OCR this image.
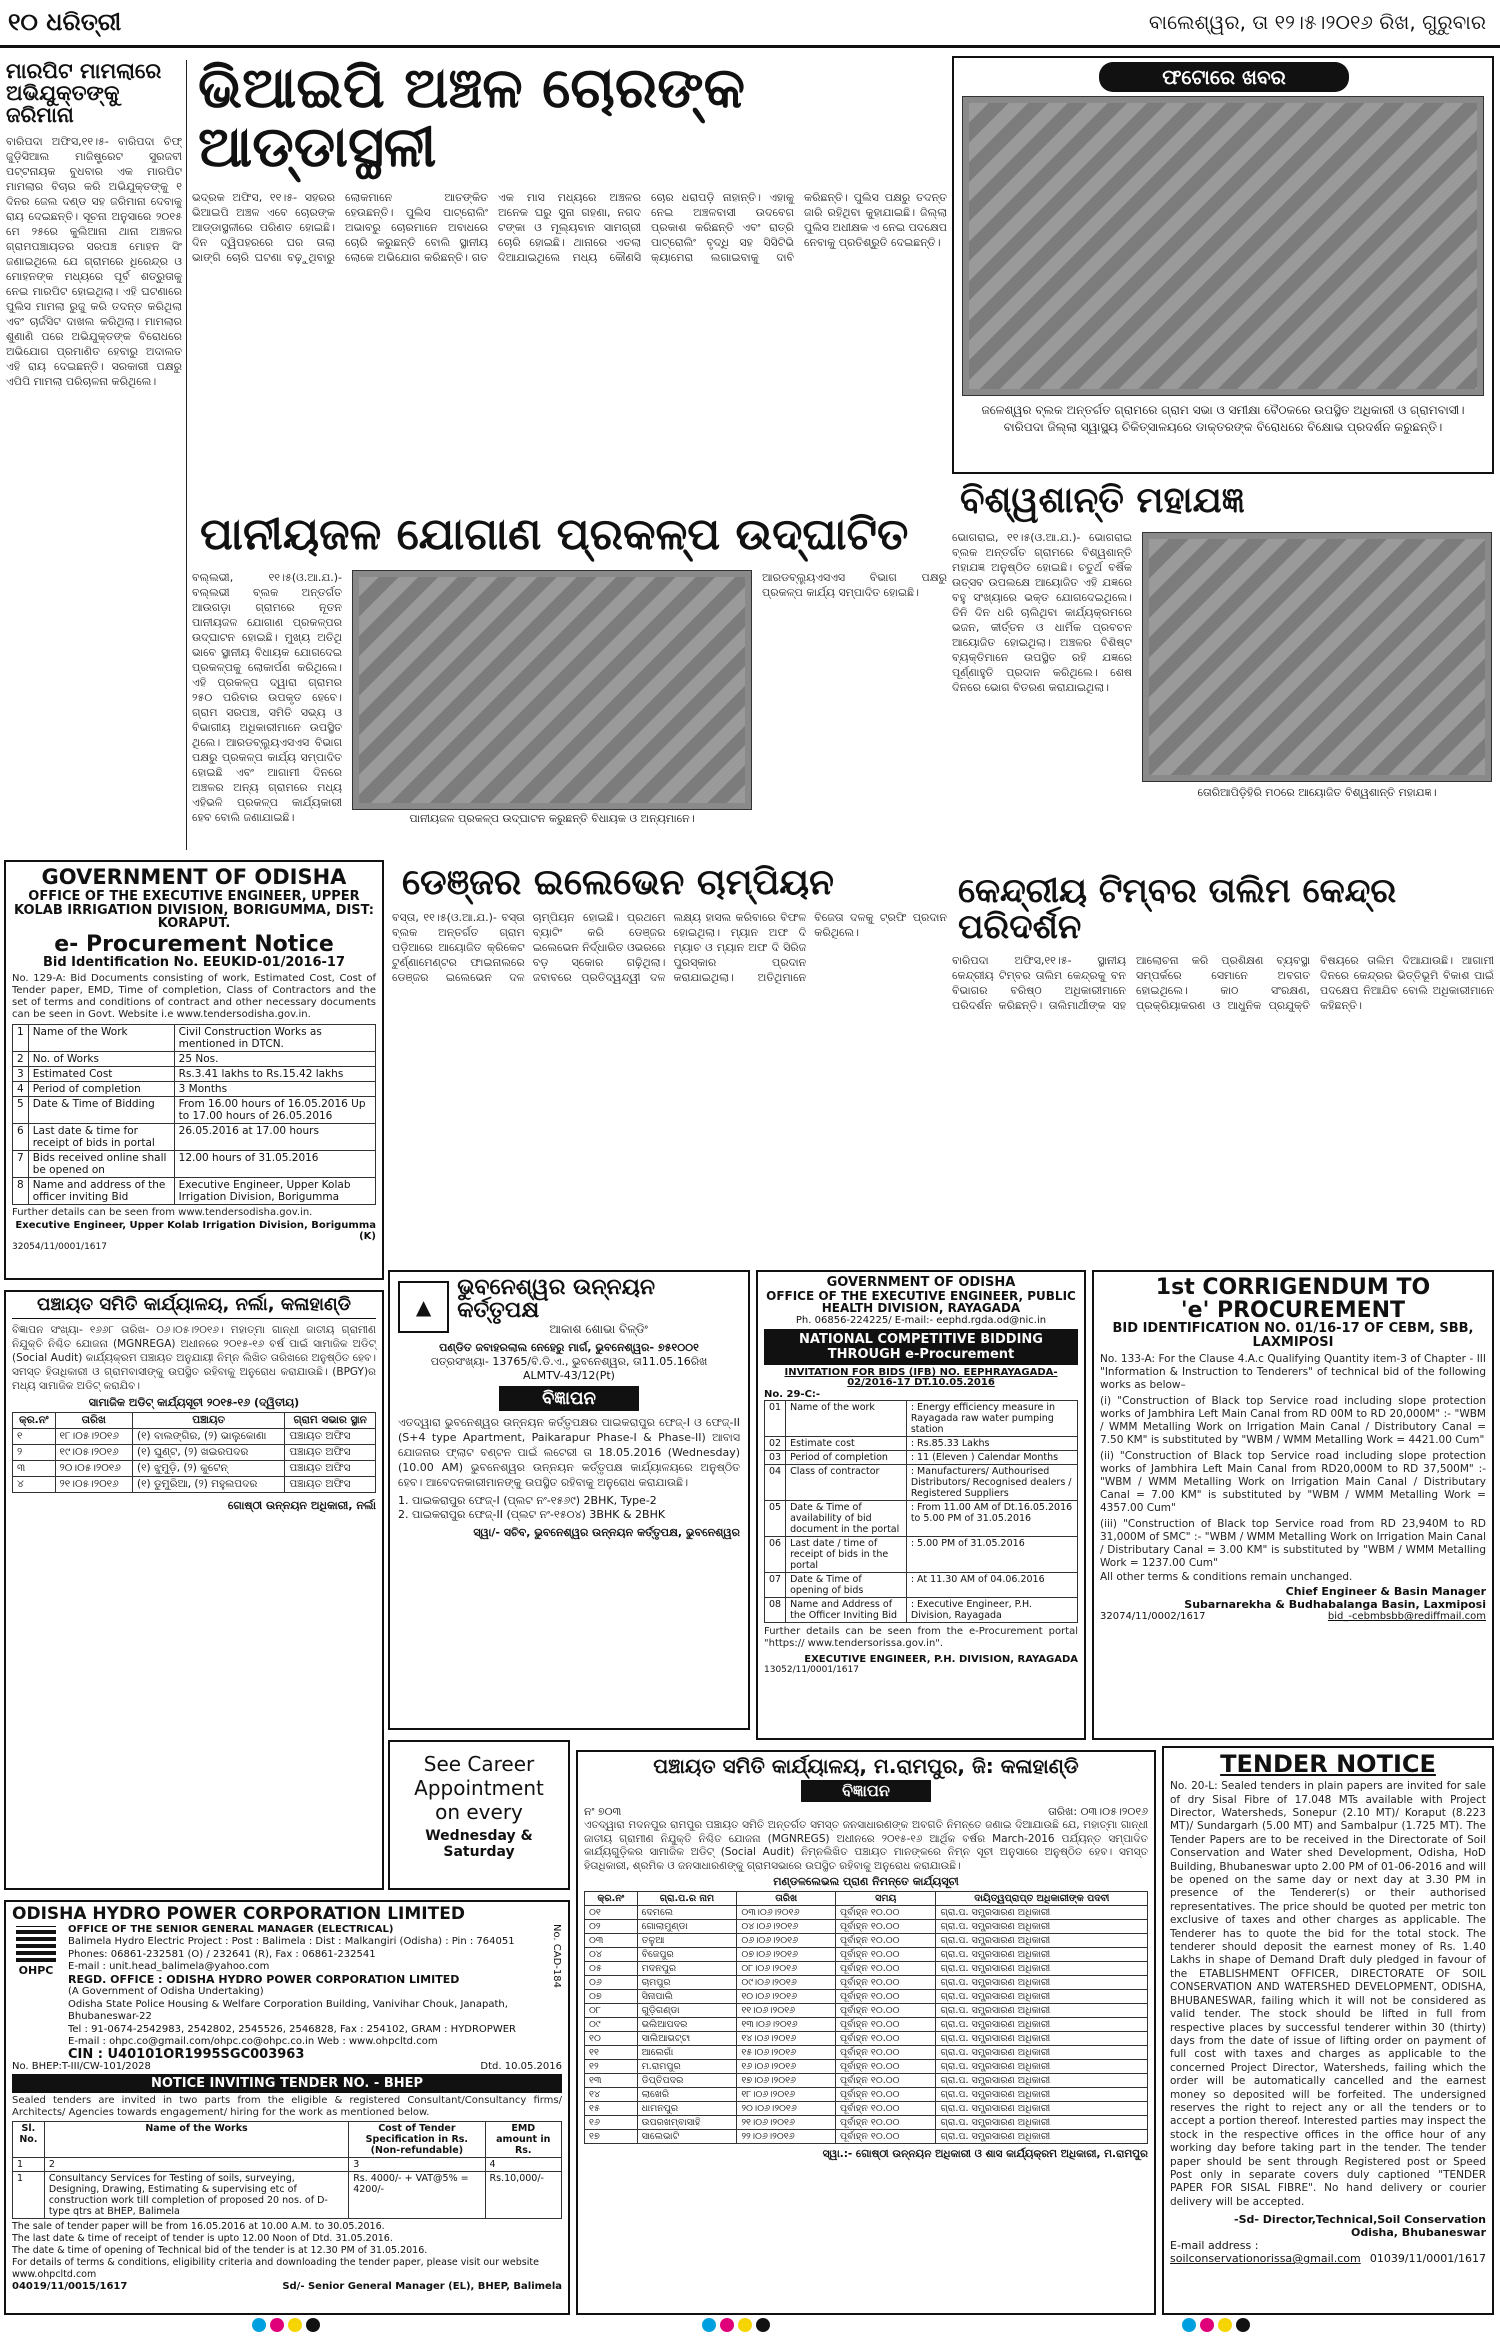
୧୦ ଧରିତ୍ରୀ	ବାଲେଶ୍ୱର, ତା ୧୨।୫।୨୦୧୬ ରିଖ, ଗୁରୁବାର
ମାରପିଟ ମାମଲାରେ ଅଭିଯୁକ୍ତଙ୍କୁ ଜରିମାନା
ବାରିପଦା ଅଫିସ,୧୧।୫- ବାରିପଦା ଚିଫ୍ ଜୁଡ଼ିସିଆଲ ମାଜିଷ୍ଟ୍ରେଟ ସୁରଜବୀ ପଟ୍ଟନାୟକ ବୁଧବାର ଏକ ମାରପିଟ ମାମଲାର ବିଚାର କରି ଅଭିଯୁକ୍ତଙ୍କୁ ୧ ଦିନର ଜେଲ ଦଣ୍ଡ ସହ ଜରିମାନା ଦେବାକୁ ରାୟ ଦେଇଛନ୍ତି। ସୂଚନା ଅନୁସାରେ ୨୦୧୫ ମେ ୨୫ରେ କୁଲିଆନା ଥାନା ଅଞ୍ଚଳର ଗ୍ରାମପଞ୍ଚାୟତର ସରପଞ୍ଚ ମୋହନ ସିଂ ଜଣାଇଥିଲେ ଯେ ଗ୍ରାମରେ ଧିରେନ୍ଦ୍ର ଓ ମୋହନଙ୍କ ମଧ୍ୟରେ ପୂର୍ବ ଶତ୍ରୁତାକୁ ନେଇ ମାରପିଟ ହୋଇଥିଲା। ଏହି ଘଟଣାରେ ପୁଲିସ ମାମଲା ରୁଜୁ କରି ତଦନ୍ତ କରିଥିଲା ଏବଂ ଚାର୍ଜସିଟ ଦାଖଲ କରିଥିଲା। ମାମଲାର ଶୁଣାଣି ପରେ ଅଭିଯୁକ୍ତଙ୍କ ବିରୋଧରେ ଅଭିଯୋଗ ପ୍ରମାଣିତ ହେବାରୁ ଅଦାଲତ ଏହି ରାୟ ଦେଇଛନ୍ତି। ସରକାରୀ ପକ୍ଷରୁ ଏପିପି ମାମଲା ପରିଚାଳନା କରିଥିଲେ।
ଭିଆଇପି ଅଞ୍ଚଳ ଚୋରଙ୍କ ଆଡ୍ଡାସ୍ଥଳୀ
ଭଦ୍ରକ ଅଫିସ, ୧୧।୫- ସହରର ଭିଆଇପି ଅଞ୍ଚଳ ଏବେ ଚୋରଙ୍କ ଆଡ୍ଡାସ୍ଥଳୀରେ ପରିଣତ ହୋଇଛି। ଦିନ ଦ୍ୱିପହରରେ ଘର ତାଲା ଭାଙ୍ଗି ଚୋରି ଘଟଣା ବଢ଼ୁଥିବାରୁ ଲୋକମାନେ ଆତଙ୍କିତ ହେଉଛନ୍ତି। ପୁଲିସ ପାଟ୍ରୋଲିଂ ଅଭାବରୁ ଚୋରମାନେ ଅବାଧରେ ଚୋରି କରୁଛନ୍ତି ବୋଲି ସ୍ଥାନୀୟ ଲୋକେ ଅଭିଯୋଗ କରିଛନ୍ତି। ଗତ ଏକ ମାସ ମଧ୍ୟରେ ଅଞ୍ଚଳର ଅନେକ ଘରୁ ସୁନା ଗହଣା, ନଗଦ ଟଙ୍କା ଓ ମୂଲ୍ୟବାନ ସାମଗ୍ରୀ ଚୋରି ହୋଇଛି। ଥାନାରେ ଏତଲା ଦିଆଯାଇଥିଲେ ମଧ୍ୟ କୌଣସି ଚୋର ଧରାପଡ଼ି ନାହାନ୍ତି। ଏହାକୁ ନେଇ ଅଞ୍ଚଳବାସୀ ଉଦବେଗ ପ୍ରକାଶ କରିଛନ୍ତି ଏବଂ ରାତ୍ରି ପାଟ୍ରୋଲିଂ ବୃଦ୍ଧି ସହ ସିସିଟିଭି କ୍ୟାମେରା ଲଗାଇବାକୁ ଦାବି କରିଛନ୍ତି। ପୁଲିସ ପକ୍ଷରୁ ତଦନ୍ତ ଜାରି ରହିଥିବା କୁହାଯାଇଛି। ଜିଲ୍ଲା ପୁଲିସ ଅଧୀକ୍ଷକ ଏ ନେଇ ପଦକ୍ଷେପ ନେବାକୁ ପ୍ରତିଶ୍ରୁତି ଦେଇଛନ୍ତି।
ଫଟୋରେ ଖବର
ଜଳେଶ୍ୱର ବ୍ଲକ ଅନ୍ତର୍ଗତ ଗ୍ରାମରେ ଗ୍ରାମ ସଭା ଓ ସମୀକ୍ଷା ବୈଠକରେ ଉପସ୍ଥିତ ଅଧିକାରୀ ଓ ଗ୍ରାମବାସୀ। ବାରିପଦା ଜିଲ୍ଲା ସ୍ୱାସ୍ଥ୍ୟ ଚିକିତ୍ସାଳୟରେ ଡାକ୍ତରଙ୍କ ବିରୋଧରେ ବିକ୍ଷୋଭ ପ୍ରଦର୍ଶନ କରୁଛନ୍ତି।
ପାନୀୟଜଳ ଯୋଗାଣ ପ୍ରକଳ୍ପ ଉଦ୍‌ଘାଟିତ
ବଲ୍ଲଭୀ, ୧୧।୫(ଓ.ଆ.ଯ.)- ବଲ୍ଲଭୀ ବ୍ଲକ ଅନ୍ତର୍ଗତ ଆଉଗଡ଼ା ଗ୍ରାମରେ ନୂତନ ପାନୀୟଜଳ ଯୋଗାଣ ପ୍ରକଳ୍ପର ଉଦ୍‌ଘାଟନ ହୋଇଛି। ମୁଖ୍ୟ ଅତିଥି ଭାବେ ସ୍ଥାନୀୟ ବିଧାୟକ ଯୋଗଦେଇ ପ୍ରକଳ୍ପକୁ ଲୋକାର୍ପଣ କରିଥିଲେ। ଏହି ପ୍ରକଳ୍ପ ଦ୍ୱାରା ଗ୍ରାମର ୨୫୦ ପରିବାର ଉପକୃତ ହେବେ। ଗ୍ରାମ ସରପଞ୍ଚ, ସମିତି ସଭ୍ୟ ଓ ବିଭାଗୀୟ ଅଧିକାରୀମାନେ ଉପସ୍ଥିତ ଥିଲେ। ଆରଡବ୍ଲ୍ୟୁଏସଏସ ବିଭାଗ ପକ୍ଷରୁ ପ୍ରକଳ୍ପ କାର୍ଯ୍ୟ ସମ୍ପାଦିତ ହୋଇଛି ଏବଂ ଆଗାମୀ ଦିନରେ ଅଞ୍ଚଳର ଅନ୍ୟ ଗ୍ରାମରେ ମଧ୍ୟ ଏହିଭଳି ପ୍ରକଳ୍ପ କାର୍ଯ୍ୟକାରୀ ହେବ ବୋଲି ଜଣାଯାଇଛି।	ପାନୀୟଜଳ ପ୍ରକଳ୍ପ ଉଦ୍‌ଘାଟନ କରୁଛନ୍ତି ବିଧାୟକ ଓ ଅନ୍ୟମାନେ।
ଆରଡବ୍ଲ୍ୟୁଏସଏସ ବିଭାଗ ପକ୍ଷରୁ ପ୍ରକଳ୍ପ କାର୍ଯ୍ୟ ସମ୍ପାଦିତ ହୋଇଛି।
ବିଶ୍ୱଶାନ୍ତି ମହାଯଜ୍ଞ
ଭୋଗରାଇ, ୧୧।୫(ଓ.ଆ.ଯ.)- ଭୋଗରାଇ ବ୍ଲକ ଅନ୍ତର୍ଗତ ଗ୍ରାମରେ ବିଶ୍ୱଶାନ୍ତି ମହାଯଜ୍ଞ ଅନୁଷ୍ଠିତ ହୋଇଛି। ଚତୁର୍ଥ ବର୍ଷିକ ଉତ୍ସବ ଉପଲକ୍ଷେ ଆୟୋଜିତ ଏହି ଯଜ୍ଞରେ ବହୁ ସଂଖ୍ୟାରେ ଭକ୍ତ ଯୋଗଦେଇଥିଲେ। ତିନି ଦିନ ଧରି ଚାଲିଥିବା କାର୍ଯ୍ୟକ୍ରମରେ ଭଜନ, କୀର୍ତ୍ତନ ଓ ଧାର୍ମିକ ପ୍ରବଚନ ଆୟୋଜିତ ହୋଇଥିଲା। ଅଞ୍ଚଳର ବିଶିଷ୍ଟ ବ୍ୟକ୍ତିମାନେ ଉପସ୍ଥିତ ରହି ଯଜ୍ଞରେ ପୂର୍ଣ୍ଣାହୁତି ପ୍ରଦାନ କରିଥିଲେ। ଶେଷ ଦିନରେ ଭୋଗ ବିତରଣ କରାଯାଇଥିଲା।
ତୋରିଆପିଡ଼ିହିରି ମଠରେ ଆୟୋଜିତ ବିଶ୍ୱଶାନ୍ତି ମହାଯଜ୍ଞ।
GOVERNMENT OF ODISHA
OFFICE OF THE EXECUTIVE ENGINEER, UPPER KOLAB IRRIGATION DIVISION, BORIGUMMA, DIST: KORAPUT.
e- Procurement Notice
Bid Identification No. EEUKID-01/2016-17
No. 129-A: Bid Documents consisting of work, Estimated Cost, Cost of Tender paper, EMD, Time of completion, Class of Contractors and the set of terms and conditions of contract and other necessary documents can be seen in Govt. Website i.e www.tendersodisha.gov.in.
1	Name of the Work	Civil Construction Works as mentioned in DTCN.
2	No. of Works	25 Nos.
3	Estimated Cost	Rs.3.41 lakhs to Rs.15.42 lakhs
4	Period of completion	3 Months
5	Date & Time of Bidding	From 16.00 hours of 16.05.2016 Up to 17.00 hours of 26.05.2016
6	Last date & time for receipt of bids in portal	26.05.2016 at 17.00 hours
7	Bids received online shall be opened on	12.00 hours of 31.05.2016
8	Name and address of the officer inviting Bid	Executive Engineer, Upper Kolab Irrigation Division, Borigumma
Further details can be seen from www.tendersodisha.gov.in.
Executive Engineer, Upper Kolab Irrigation Division, Borigumma (K)
32054/11/0001/1617
ଡେଞ୍ଜର ଇଲେଭେନ ଚାମ୍ପିୟନ
ବସ୍ତା, ୧୧।୫(ଓ.ଆ.ଯ.)- ବସ୍ତା ବ୍ଲକ ଅନ୍ତର୍ଗତ ଗ୍ରାମ ପଡ଼ିଆରେ ଆୟୋଜିତ କ୍ରିକେଟ ଟୁର୍ଣ୍ଣାମେଣ୍ଟର ଫାଇନାଲରେ ଡେଞ୍ଜର ଇଲେଭେନ ଦଳ ଚାମ୍ପିୟନ ହୋଇଛି। ପ୍ରଥମେ ବ୍ୟାଟିଂ କରି ଡେଞ୍ଜର ଇଲେଭେନ ନିର୍ଦ୍ଧାରିତ ଓଭରରେ ବଡ଼ ସ୍କୋର ଗଢ଼ିଥିଲା। ଜବାବରେ ପ୍ରତିଦ୍ୱନ୍ଦ୍ୱୀ ଦଳ ଲକ୍ଷ୍ୟ ହାସଲ କରିବାରେ ବିଫଳ ହୋଇଥିଲା। ମ୍ୟାନ ଅଫ ଦି ମ୍ୟାଚ ଓ ମ୍ୟାନ ଅଫ ଦି ସିରିଜ ପୁରସ୍କାର ପ୍ରଦାନ କରାଯାଇଥିଲା। ଅତିଥିମାନେ ବିଜେତା ଦଳକୁ ଟ୍ରଫି ପ୍ରଦାନ କରିଥିଲେ।
କେନ୍ଦ୍ରୀୟ ଟିମ୍ବର ତାଲିମ କେନ୍ଦ୍ର ପରିଦର୍ଶନ
ବାରିପଦା ଅଫିସ,୧୧।୫- ସ୍ଥାନୀୟ କେନ୍ଦ୍ରୀୟ ଟିମ୍ବର ତାଲିମ କେନ୍ଦ୍ରକୁ ବନ ବିଭାଗର ବରିଷ୍ଠ ଅଧିକାରୀମାନେ ପରିଦର୍ଶନ କରିଛନ୍ତି। ତାଲିମାର୍ଥୀଙ୍କ ସହ ଆଲୋଚନା କରି ପ୍ରଶିକ୍ଷଣ ବ୍ୟବସ୍ଥା ସମ୍ପର୍କରେ ସେମାନେ ଅବଗତ ହୋଇଥିଲେ। କାଠ ସଂରକ୍ଷଣ, ପ୍ରକ୍ରିୟାକରଣ ଓ ଆଧୁନିକ ପ୍ରଯୁକ୍ତି ବିଷୟରେ ତାଲିମ ଦିଆଯାଉଛି। ଆଗାମୀ ଦିନରେ କେନ୍ଦ୍ରର ଭିତ୍ତିଭୂମି ବିକାଶ ପାଇଁ ପଦକ୍ଷେପ ନିଆଯିବ ବୋଲି ଅଧିକାରୀମାନେ କହିଛନ୍ତି।
ପଞ୍ଚାୟତ ସମିତି କାର୍ଯ୍ୟାଳୟ, ନର୍ଲା, କଳାହାଣ୍ଡି
ବିଜ୍ଞାପନ ସଂଖ୍ୟା- ୧୬୬୮ ତାରିଖ- ୦୬।୦୫।୨୦୧୬। ମହାତ୍ମା ଗାନ୍ଧୀ ଜାତୀୟ ଗ୍ରାମୀଣ ନିଯୁକ୍ତି ନିଶ୍ଚିତ ଯୋଜନା (MGNREGA) ଅଧୀନରେ ୨୦୧୫-୧୬ ବର୍ଷ ପାଇଁ ସାମାଜିକ ଅଡିଟ୍ (Social Audit) କାର୍ଯ୍ୟକ୍ରମ ପଞ୍ଚାୟତ ଅନୁଯାୟୀ ନିମ୍ନ ଲିଖିତ ତାରିଖରେ ଅନୁଷ୍ଠିତ ହେବ। ସମସ୍ତ ହିତାଧିକାରୀ ଓ ଗ୍ରାମବାସୀଙ୍କୁ ଉପସ୍ଥିତ ରହିବାକୁ ଅନୁରୋଧ କରାଯାଉଛି। (BPGY)ର ମଧ୍ୟ ସାମାଜିକ ଅଡିଟ୍ କରାଯିବ।
ସାମାଜିକ ଅଡିଟ୍ କାର୍ଯ୍ୟସୂଚୀ ୨୦୧୫-୧୬ (ଦ୍ୱିତୀୟ)
କ୍ର.ନଂ	ତାରିଖ	ପଞ୍ଚାୟତ	ଗ୍ରାମ ସଭାର ସ୍ଥାନ
୧	୧୮।୦୫।୨୦୧୬	(୧) ବାଲଙ୍ଗିର, (୨) ଭାଲୁକୋଣା	ପଞ୍ଚାୟତ ଅଫିସ
୨	୧୯।୦୫।୨୦୧୬	(୧) ଘୁଣ୍ଟ, (୨) ଖଇରପଦର	ପଞ୍ଚାୟତ ଅଫିସ
୩	୨୦।୦୫।୨୦୧୬	(୧) ଝୁମୁଡ଼ି, (୨) କୁଟେନ୍	ପଞ୍ଚାୟତ ଅଫିସ
୪	୨୧।୦୫।୨୦୧୬	(୧) ଡୁମୁରିଆ, (୨) ମହୁଲପଦର	ପଞ୍ଚାୟତ ଅଫିସ
ଗୋଷ୍ଠୀ ଉନ୍ନୟନ ଅଧିକାରୀ, ନର୍ଲା
▲
ଭୁବନେଶ୍ୱର ଉନ୍ନୟନ କର୍ତ୍ତୃପକ୍ଷ
ଆକାଶ ଶୋଭା ବିଳ୍ଡିଂ
ପଣ୍ଡିତ ଜବାହରଲାଲ ନେହେରୁ ମାର୍ଗ, ଭୁବନେଶ୍ୱର- ୭୫୧୦୦୧
ପତ୍ରସଂଖ୍ୟା- 13765/ବି.ଡି.ଏ., ଭୁବନେଶ୍ୱର, ତା11.05.16ରିଖ
ALMTV-43/12(Pt)
ବିଜ୍ଞାପନ
ଏତଦ୍ୱାରା ଭୁବନେଶ୍ୱର ଉନ୍ନୟନ କର୍ତ୍ତୃପକ୍ଷର ପାଇକରାପୁର ଫେଜ୍-I ଓ ଫେଜ୍-II (S+4 type Apartment, Paikarapur Phase-I & Phase-II) ଆବାସ ଯୋଜନାର ଫ୍ଲାଟ ବଣ୍ଟନ ପାଇଁ ଲଟେରୀ ତା 18.05.2016 (Wednesday) (10.00 AM) ଭୁବନେଶ୍ୱର ଉନ୍ନୟନ କର୍ତ୍ତୃପକ୍ଷ କାର୍ଯ୍ୟାଳୟରେ ଅନୁଷ୍ଠିତ ହେବ। ଆବେଦନକାରୀମାନଙ୍କୁ ଉପସ୍ଥିତ ରହିବାକୁ ଅନୁରୋଧ କରାଯାଉଛି।
1. ପାଇକରାପୁର ଫେଜ୍-I (ପ୍ଲଟ ନଂ-୧୫୬୯) 2BHK, Type-2
2. ପାଇକରାପୁର ଫେଜ୍-II (ପ୍ଲଟ ନଂ-୧୫୦୪) 3BHK & 2BHK
ସ୍ୱା/- ସଚିବ, ଭୁବନେଶ୍ୱର ଉନ୍ନୟନ କର୍ତ୍ତୃପକ୍ଷ, ଭୁବନେଶ୍ୱର
GOVERNMENT OF ODISHA
OFFICE OF THE EXECUTIVE ENGINEER, PUBLIC HEALTH DIVISION, RAYAGADA
Ph. 06856-224225/ E-mail:- eephd.rgda.od@nic.in
NATIONAL COMPETITIVE BIDDING THROUGH e-Procurement
INVITATION FOR BIDS (IFB) NO. EEPHRAYAGADA-02/2016-17 DT.10.05.2016
No. 29-C:-
01	Name of the work	: Energy efficiency measure in Rayagada raw water pumping station
02	Estimate cost	: Rs.85.33 Lakhs
03	Period of completion	: 11 (Eleven ) Calendar Months
04	Class of contractor	: Manufacturers/ Authourised Distributors/ Recognised dealers / Registered Suppliers
05	Date & Time of availability of bid document in the portal	: From 11.00 AM of Dt.16.05.2016 to 5.00 PM of 31.05.2016
06	Last date / time of receipt of bids in the portal	: 5.00 PM of 31.05.2016
07	Date & Time of opening of bids	: At 11.30 AM of 04.06.2016
08	Name and Address of the Officer Inviting Bid	: Executive Engineer, P.H. Division, Rayagada
Further details can be seen from the e-Procurement portal "https:// www.tendersorissa.gov.in".
EXECUTIVE ENGINEER, P.H. DIVISION, RAYAGADA
13052/11/0001/1617
1st CORRIGENDUM TO
'e' PROCUREMENT
BID IDENTIFICATION NO. 01/16-17 OF CEBM, SBB, LAXMIPOSI
No. 133-A: For the Clause 4.A.c Qualifying Quantity item-3 of Chapter - III "Information & Instruction to Tenderers" of technical bid of the following works as below–
(i) "Construction of Black top Service road including slope protection works of Jambhira Left Main Canal from RD 00M to RD 20,000M" :- "WBM / WMM Metalling Work on Irrigation Main Canal / Distributory Canal = 7.50 KM" is substituted by "WBM / WMM Metalling Work = 4421.00 Cum"
(ii) "Construction of Black top Service road including slope protection works of Jambhira Left Main Canal from RD20,000M to RD 37,500M" :- "WBM / WMM Metalling Work on Irrigation Main Canal / Distributary Canal = 7.00 KM" is substituted by "WBM / WMM Metalling Work = 4357.00 Cum"
(iii) "Construction of Black top Service road from RD 23,940M to RD 31,000M of SMC" :- "WBM / WMM Metalling Work on Irrigation Main Canal / Distributary Canal = 3.00 KM" is substituted by "WBM / WMM Metalling Work = 1237.00 Cum"
All other terms & conditions remain unchanged.
Chief Engineer & Basin Manager
Subarnarekha & Budhabalanga Basin, Laxmiposi
32074/11/0002/1617	bid_-cebmbsbb@rediffmail.com
See Career
Appointment
on every
Wednesday & Saturday
ପଞ୍ଚାୟତ ସମିତି କାର୍ଯ୍ୟାଳୟ, ମ.ରାମପୁର, ଜି: କଳାହାଣ୍ଡି
ବିଜ୍ଞାପନ
ନଂ ୭୦୩	ତାରିଖ: ୦୩।୦୫।୨୦୧୬
ଏତଦ୍ୱାରା ମଦନପୁର ରାମପୁର ପଞ୍ଚାୟତ ସମିତି ଅନ୍ତର୍ଗତ ସମସ୍ତ ଜନସାଧାରଣଙ୍କ ଅବଗତି ନିମନ୍ତେ ଜଣାଇ ଦିଆଯାଉଛି ଯେ, ମହାତ୍ମା ଗାନ୍ଧୀ ଜାତୀୟ ଗ୍ରାମୀଣ ନିଯୁକ୍ତି ନିଶ୍ଚିତ ଯୋଜନା (MGNREGS) ଅଧୀନରେ ୨୦୧୫-୧୬ ଆର୍ଥିକ ବର୍ଷର March-2016 ପର୍ଯ୍ୟନ୍ତ ସମ୍ପାଦିତ କାର୍ଯ୍ୟଗୁଡ଼ିକର ସାମାଜିକ ଅଡିଟ୍ (Social Audit) ନିମ୍ନଲିଖିତ ପଞ୍ଚାୟତ ମାନଙ୍କରେ ନିମ୍ନ ସୂଚୀ ଅନୁସାରେ ଅନୁଷ୍ଠିତ ହେବ। ସମସ୍ତ ହିତାଧିକାରୀ, ଶ୍ରମିକ ଓ ଜନସାଧାରଣଙ୍କୁ ଗ୍ରାମସଭାରେ ଉପସ୍ଥିତ ରହିବାକୁ ଅନୁରୋଧ କରାଯାଉଛି।
ମଣ୍ଡଳଲେଭଲ ପ୍ରାଣ ନିମନ୍ତେ କାର୍ଯ୍ୟସୂଚୀ
କ୍ର.ନଂ	ଗ୍ରା.ପ.ର ନାମ	ତାରିଖ	ସମୟ	ଦାୟିତ୍ୱପ୍ରାପ୍ତ ଅଧିକାରୀଙ୍କ ପଦବୀ
୦୧	ଦେମଲେ	୦୩।୦୬।୨୦୧୬	ପୂର୍ବାହ୍ନ ୧୦.୦୦	ଗ୍ରା.ପ. ସମ୍ପ୍ରସାରଣ ଅଧିକାରୀ
୦୨	ଗୋଲାମୁଣ୍ଡା	୦୪।୦୬।୨୦୧୬	ପୂର୍ବାହ୍ନ ୧୦.୦୦	ଗ୍ରା.ପ. ସମ୍ପ୍ରସାରଣ ଅଧିକାରୀ
୦୩	ତଳୁଆ	୦୬।୦୬।୨୦୧୬	ପୂର୍ବାହ୍ନ ୧୦.୦୦	ଗ୍ରା.ପ. ସମ୍ପ୍ରସାରଣ ଅଧିକାରୀ
୦୪	ବିଜେପୁର	୦୭।୦୬।୨୦୧୬	ପୂର୍ବାହ୍ନ ୧୦.୦୦	ଗ୍ରା.ପ. ସମ୍ପ୍ରସାରଣ ଅଧିକାରୀ
୦୫	ମଦନପୁର	୦୮।୦୬।୨୦୧୬	ପୂର୍ବାହ୍ନ ୧୦.୦୦	ଗ୍ରା.ପ. ସମ୍ପ୍ରସାରଣ ଅଧିକାରୀ
୦୬	ଚାମପୁର	୦୯।୦୬।୨୦୧୬	ପୂର୍ବାହ୍ନ ୧୦.୦୦	ଗ୍ରା.ପ. ସମ୍ପ୍ରସାରଣ ଅଧିକାରୀ
୦୭	ସିନାପାଲି	୧୦।୦୬।୨୦୧୬	ପୂର୍ବାହ୍ନ ୧୦.୦୦	ଗ୍ରା.ପ. ସମ୍ପ୍ରସାରଣ ଅଧିକାରୀ
୦୮	ଗୁଡ଼ିଗଣ୍ଡା	୧୧।୦୬।୨୦୧୬	ପୂର୍ବାହ୍ନ ୧୦.୦୦	ଗ୍ରା.ପ. ସମ୍ପ୍ରସାରଣ ଅଧିକାରୀ
୦୯	ଭଲିଆପଦର	୧୩।୦୬।୨୦୧୬	ପୂର୍ବାହ୍ନ ୧୦.୦୦	ଗ୍ରା.ପ. ସମ୍ପ୍ରସାରଣ ଅଧିକାରୀ
୧୦	ସାଲିଆଭଟ୍ଟା	୧୪।୦୬।୨୦୧୬	ପୂର୍ବାହ୍ନ ୧୦.୦୦	ଗ୍ରା.ପ. ସମ୍ପ୍ରସାରଣ ଅଧିକାରୀ
୧୧	ଆଲେଗାଁ	୧୫।୦୬।୨୦୧୬	ପୂର୍ବାହ୍ନ ୧୦.୦୦	ଗ୍ରା.ପ. ସମ୍ପ୍ରସାରଣ ଅଧିକାରୀ
୧୨	ମ.ରାମପୁର	୧୬।୦୬।୨୦୧୬	ପୂର୍ବାହ୍ନ ୧୦.୦୦	ଗ୍ରା.ପ. ସମ୍ପ୍ରସାରଣ ଅଧିକାରୀ
୧୩	ଡିପ୍ତିପଦର	୧୭।୦୬।୨୦୧୬	ପୂର୍ବାହ୍ନ ୧୦.୦୦	ଗ୍ରା.ପ. ସମ୍ପ୍ରସାରଣ ଅଧିକାରୀ
୧୪	ଲାଖେରି	୧୮।୦୬।୨୦୧୬	ପୂର୍ବାହ୍ନ ୧୦.୦୦	ଗ୍ରା.ପ. ସମ୍ପ୍ରସାରଣ ଅଧିକାରୀ
୧୫	ଧାମନପୁର	୨୦।୦୬।୨୦୧୬	ପୂର୍ବାହ୍ନ ୧୦.୦୦	ଗ୍ରା.ପ. ସମ୍ପ୍ରସାରଣ ଅଧିକାରୀ
୧୬	ଉପରଖମ୍ବାସାହି	୨୧।୦୬।୨୦୧୬	ପୂର୍ବାହ୍ନ ୧୦.୦୦	ଗ୍ରା.ପ. ସମ୍ପ୍ରସାରଣ ଅଧିକାରୀ
୧୭	ସାଲେଭାଟି	୨୨।୦୬।୨୦୧୬	ପୂର୍ବାହ୍ନ ୧୦.୦୦	ଗ୍ରା.ପ. ସମ୍ପ୍ରସାରଣ ଅଧିକାରୀ
ସ୍ୱା.:- ଗୋଷ୍ଠୀ ଉନ୍ନୟନ ଅଧିକାରୀ ଓ ଶାସ କାର୍ଯ୍ୟକ୍ରମ ଅଧିକାରୀ, ମ.ରାମପୁର
TENDER NOTICE
No. 20-L: Sealed tenders in plain papers are invited for sale of dry Sisal Fibre of 17.048 MTs available with Project Director, Watersheds, Sonepur (2.10 MT)/ Koraput (8.223 MT)/ Sundargarh (5.00 MT) and Sambalpur (1.725 MT). The Tender Papers are to be received in the Directorate of Soil Conservation and Water shed Development, Odisha, HoD Building, Bhubaneswar upto 2.00 PM of 01-06-2016 and will be opened on the same day or next day at 3.30 PM in presence of the Tenderer(s) or their authorised representatives. The price should be quoted per metric ton exclusive of taxes and other charges as applicable. The Tenderer has to quote the bid for the total stock. The tenderer should deposit the earnest money of Rs. 1.40 Lakhs in shape of Demand Draft duly pledged in favour of the ETABLISHMENT OFFICER, DIRECTORATE OF SOIL CONSERVATION AND WATERSHED DEVELOPMENT, ODISHA, BHUBANESWAR, failing which it will not be considered as valid tender. The stock should be lifted in full from respective places by successful tenderer within 30 (thirty) days from the date of issue of lifting order on payment of full cost with taxes and charges as applicable to the concerned Project Director, Watersheds, failing which the order will be automatically cancelled and the earnest money so deposited will be forfeited. The undersigned reserves the right to reject any or all the tenders or to accept a portion thereof. Interested parties may inspect the stock in the respective offices in the office hour of any working day before taking part in the tender. The tender paper should be sent through Registered post or Speed Post only in separate covers duly captioned "TENDER PAPER FOR SISAL FIBRE". No hand delivery or courier delivery will be accepted.
-Sd- Director,Technical,Soil Conservation
Odisha, Bhubaneswar
E-mail address :
soilconservationorissa@gmail.com 01039/11/0001/1617
ODISHA HYDRO POWER CORPORATION LIMITED
OHPC
OFFICE OF THE SENIOR GENERAL MANAGER (ELECTRICAL)
Balimela Hydro Electric Project : Post : Balimela : Dist : Malkangiri (Odisha) : Pin : 764051
Phones: 06861-232581 (O) / 232641 (R), Fax : 06861-232541
E-mail : unit.head_balimela@yahoo.com
REGD. OFFICE : ODISHA HYDRO POWER CORPORATION LIMITED
(A Government of Odisha Undertaking)
Odisha State Police Housing & Welfare Corporation Building, Vanivihar Chouk, Janapath, Bhubaneswar-22
Tel : 91-0674-2542983, 2542802, 2545526, 2546828, Fax : 254102, GRAM : HYDROPWER
E-mail : ohpc.co@gmail.com/ohpc.co@ohpc.co.in Web : www.ohpcltd.com
CIN : U40101OR1995SGC003963
No. CAD-184
No. BHEP:T-III/CW-101/2028	Dtd. 10.05.2016
NOTICE INVITING TENDER NO. - BHEP
Sealed tenders are invited in two parts from the eligible & registered Consultant/Consultancy firms/ Architects/ Agencies towards engagement/ hiring for the work as mentioned below.
Sl. No.	Name of the Works	Cost of Tender Specification in Rs. (Non-refundable)	EMD amount in Rs.
1	2	3	4
1	Consultancy Services for Testing of soils, surveying, Designing, Drawing, Estimating & supervising etc of construction work till completion of proposed 20 nos. of D-type qtrs at BHEP, Balimela	Rs. 4000/- + VAT@5% = 4200/-	Rs.10,000/-
The sale of tender paper will be from 16.05.2016 at 10.00 A.M. to 30.05.2016.
The last date & time of receipt of tender is upto 12.00 Noon of Dtd. 31.05.2016.
The date & time of opening of Technical bid of the tender is at 12.30 PM of 31.05.2016.
For details of terms & conditions, eligibility criteria and downloading the tender paper, please visit our website www.ohpcltd.com
04019/11/0015/1617	Sd/- Senior General Manager (EL), BHEP, Balimela
